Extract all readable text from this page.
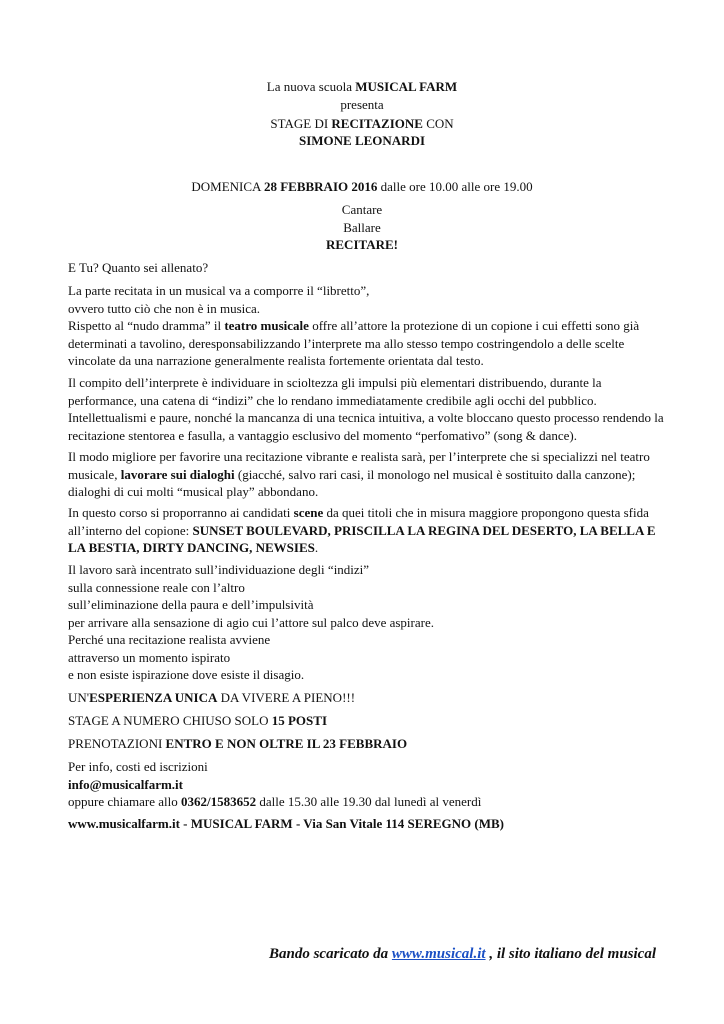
La nuova scuola MUSICAL FARM
presenta
STAGE DI RECITAZIONE CON
SIMONE LEONARDI
DOMENICA 28 FEBBRAIO 2016 dalle ore 10.00 alle ore 19.00
Cantare
Ballare
RECITARE!
E Tu? Quanto sei allenato?
La parte recitata in un musical va a comporre il “libretto”,
ovvero tutto ciò che non è in musica.
Rispetto al “nudo dramma” il teatro musicale offre all’attore la protezione di un copione i cui effetti sono già
determinati a tavolino, deresponsabilizzando l’interprete ma allo stesso tempo costringendolo a delle scelte
vincolate da una narrazione generalmente realista fortemente orientata dal testo.
Il compito dell’interprete è individuare in scioltezza gli impulsi più elementari distribuendo, durante la
performance, una catena di “indizi” che lo rendano immediatamente credibile agli occhi del pubblico.
Intellettualismi e paure, nonché la mancanza di una tecnica intuitiva, a volte bloccano questo processo rendendo la
recitazione stentorea e fasulla, a vantaggio esclusivo del momento “perfomativo” (song & dance).
Il modo migliore per favorire una recitazione vibrante e realista sarà, per l’interprete che si specializzi nel teatro
musicale, lavorare sui dialoghi (giacché, salvo rari casi, il monologo nel musical è sostituito dalla canzone);
dialoghi di cui molti “musical play” abbondano.
In questo corso si proporranno ai candidati scene da quei titoli che in misura maggiore propongono questa sfida
all’interno del copione: SUNSET BOULEVARD, PRISCILLA LA REGINA DEL DESERTO, LA BELLA E
LA BESTIA, DIRTY DANCING, NEWSIES.
Il lavoro sarà incentrato sull’individuazione degli “indizi”
sulla connessione reale con l’altro
sull’eliminazione della paura e dell’impulsività
per arrivare alla sensazione di agio cui l’attore sul palco deve aspirare.
Perché una recitazione realista avviene
attraverso un momento ispirato
e non esiste ispirazione dove esiste il disagio.
UN'ESPERIENZA UNICA DA VIVERE A PIENO!!!
STAGE A NUMERO CHIUSO SOLO 15 POSTI
PRENOTAZIONI ENTRO E NON OLTRE IL 23 FEBBRAIO
Per info, costi ed iscrizioni
info@musicalfarm.it
oppure chiamare allo 0362/1583652 dalle 15.30 alle 19.30 dal lunedì al venerdì
www.musicalfarm.it - MUSICAL FARM - Via San Vitale 114 SEREGNO (MB)
Bando scaricato da www.musical.it , il sito italiano del musical
